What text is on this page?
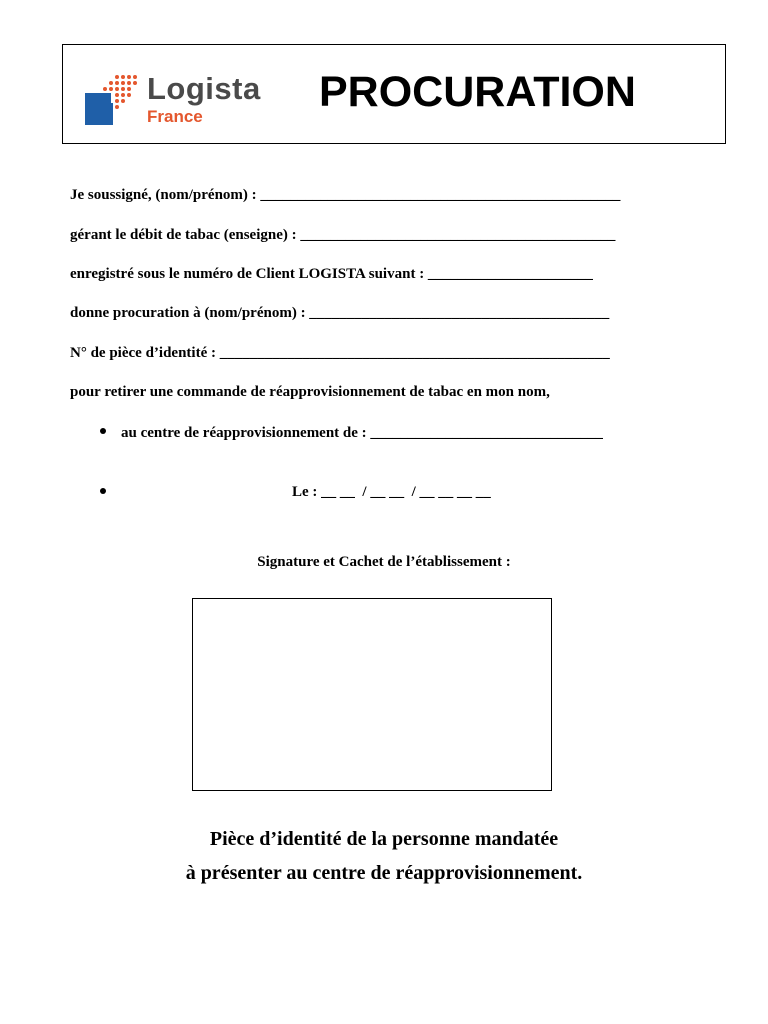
Logista
France
PROCURATION
Je soussigné, (nom/prénom) : ________________________________________________
gérant le débit de tabac (enseigne) : __________________________________________
enregistré sous le numéro de Client LOGISTA suivant : ______________________
donne procuration à (nom/prénom) : ________________________________________
N° de pièce d’identité : ____________________________________________________
pour retirer une commande de réapprovisionnement de tabac en mon nom,
au centre de réapprovisionnement de : _______________________________
Le : __ __  / __ __  / __ __ __ __
Signature et Cachet de l’établissement :
Pièce d’identité de la personne mandatée
à présenter au centre de réapprovisionnement.
